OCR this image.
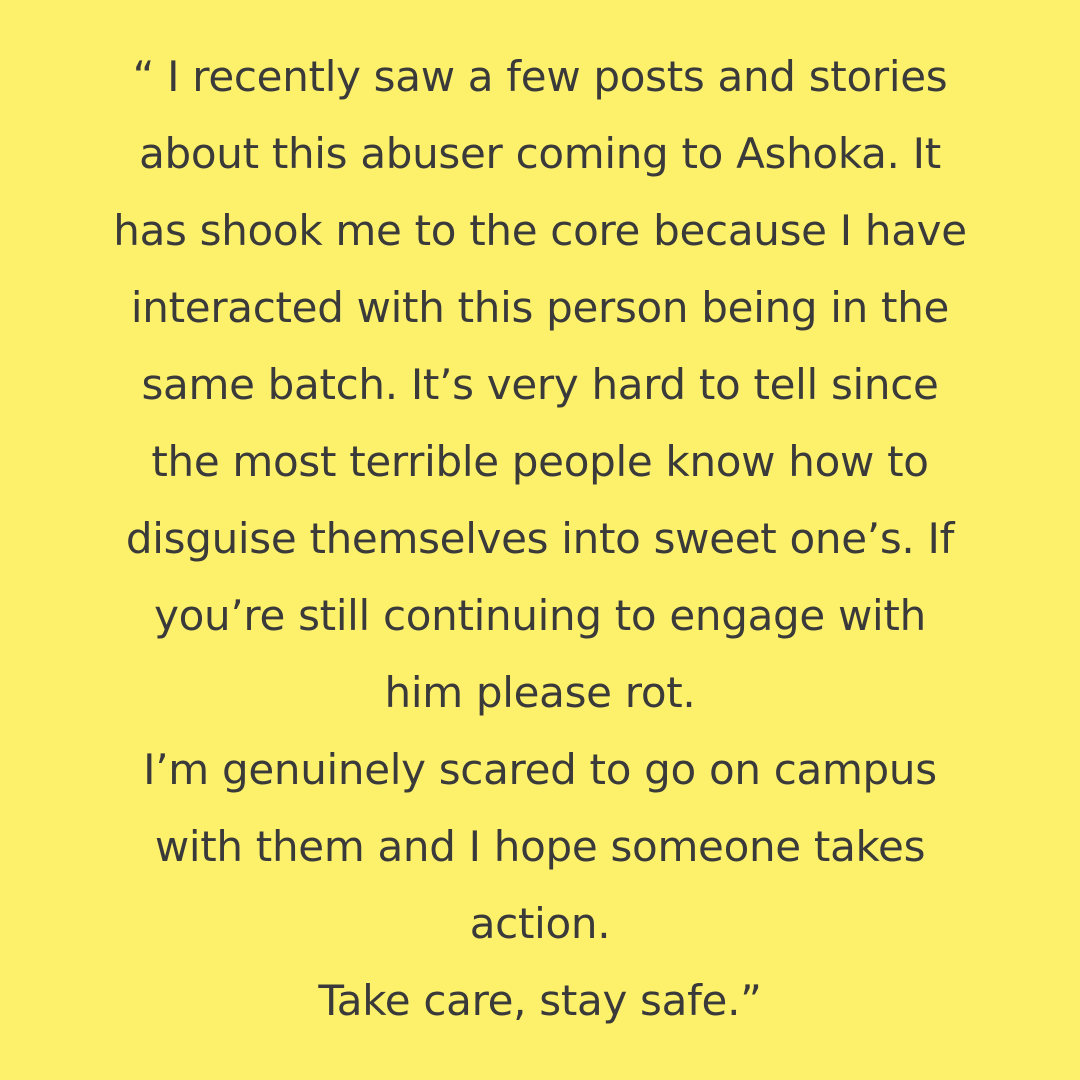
“ I recently saw a few posts and stories
about this abuser coming to Ashoka. It
has shook me to the core because I have
interacted with this person being in the
same batch. It’s very hard to tell since
the most terrible people know how to
disguise themselves into sweet one’s. If
you’re still continuing to engage with
him please rot.
I’m genuinely scared to go on campus
with them and I hope someone takes
action.
Take care, stay safe.”
